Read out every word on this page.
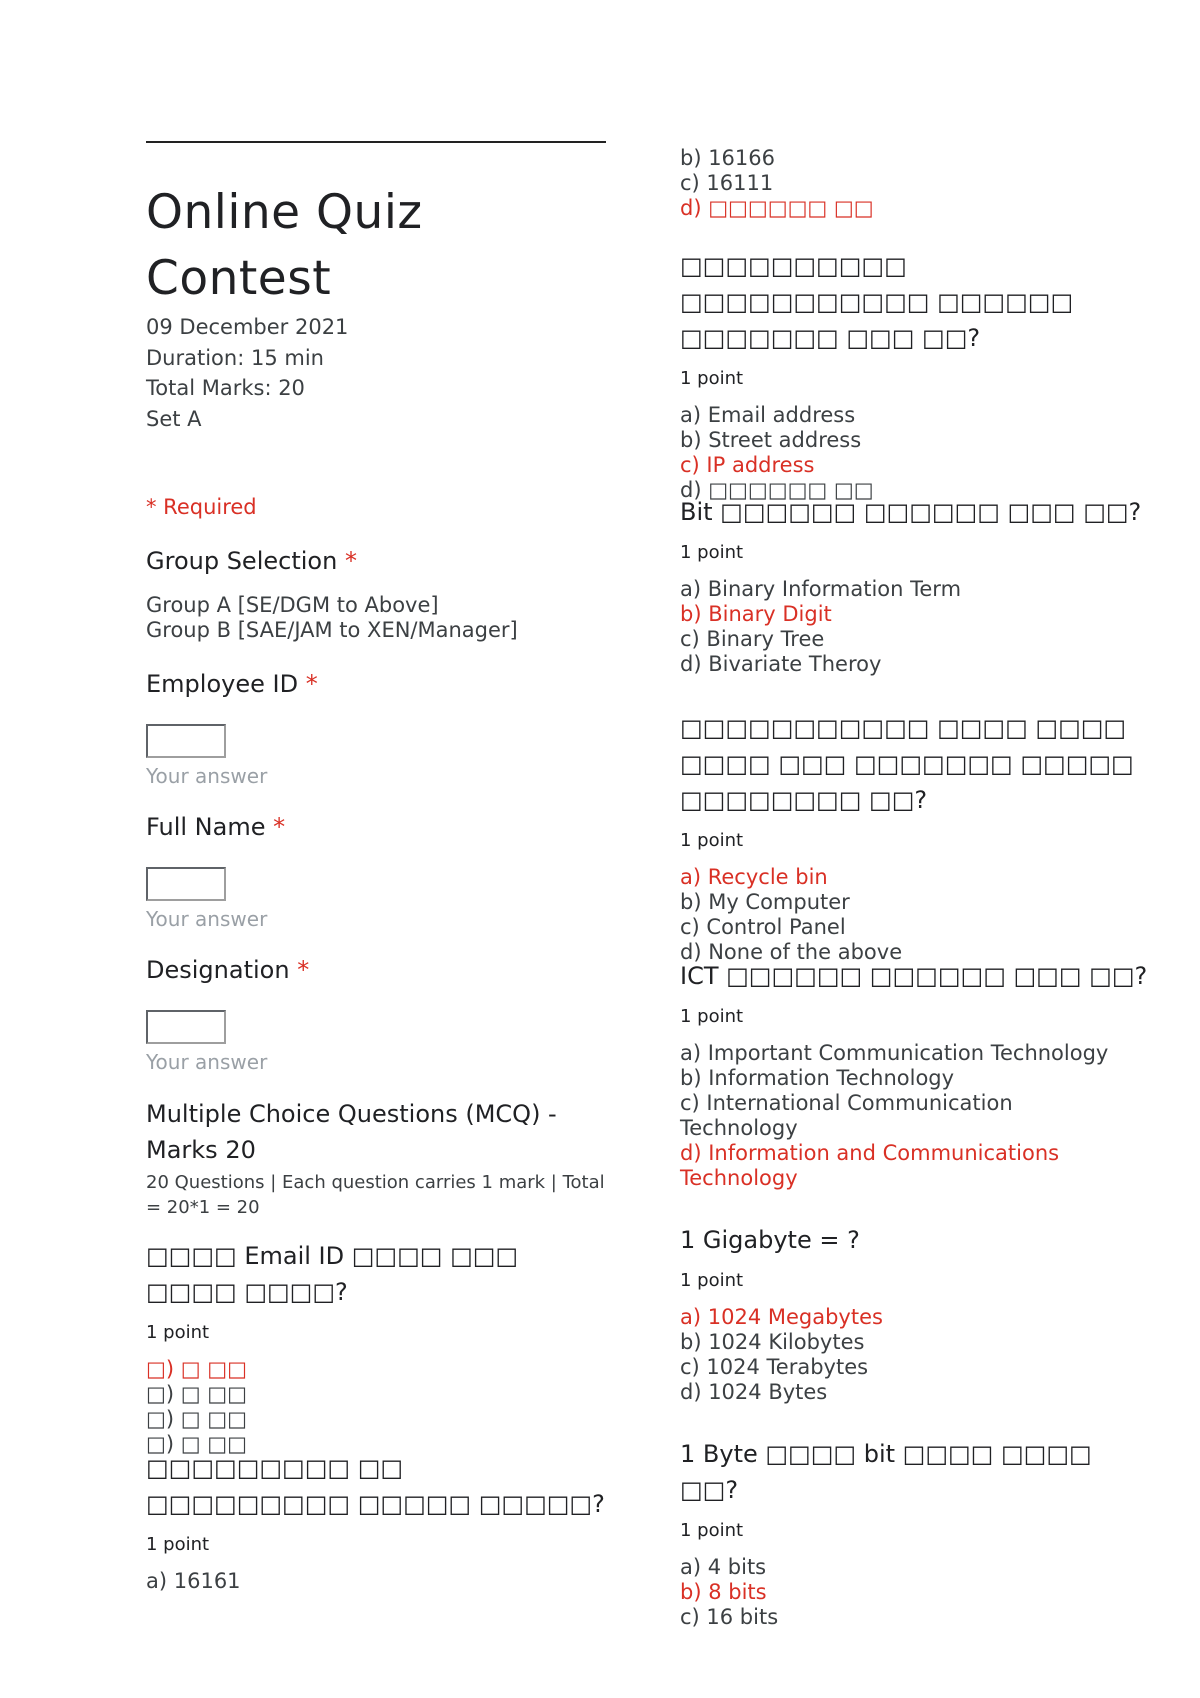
Online Quiz Contest
09 December 2021
Duration: 15 min
Total Marks: 20
Set A
* Required
Group Selection *
Group A [SE/DGM to Above]
Group B [SAE/JAM to XEN/Manager]
Employee ID *
Your answer
Full Name *
Your answer
Designation *
Your answer
Multiple Choice Questions (MCQ) - Marks 20
20 Questions | Each question carries 1 mark | Total = 20*1 = 20
□□□□ Email ID □□□□ □□□ □□□□ □□□□?
1 point
□) □ □□
□) □ □□
□) □ □□
□) □ □□
□□□□□□□□□ □□ □□□□□□□□□ □□□□□ □□□□□?
1 point
a) 16161
b) 16166
c) 16111
d) □□□□□□ □□
□□□□□□□□□□ □□□□□□□□□□□ □□□□□□ □□□□□□□ □□□ □□?
1 point
a) Email address
b) Street address
c) IP address
d) □□□□□□ □□
Bit □□□□□□ □□□□□□ □□□ □□?
1 point
a) Binary Information Term
b) Binary Digit
c) Binary Tree
d) Bivariate Theroy
□□□□□□□□□□□ □□□□ □□□□ □□□□ □□□ □□□□□□□ □□□□□ □□□□□□□□ □□?
1 point
a) Recycle bin
b) My Computer
c) Control Panel
d) None of the above
ICT □□□□□□ □□□□□□ □□□ □□?
1 point
a) Important Communication Technology
b) Information Technology
c) International Communication
Technology
d) Information and Communications
Technology
1 Gigabyte = ?
1 point
a) 1024 Megabytes
b) 1024 Kilobytes
c) 1024 Terabytes
d) 1024 Bytes
1 Byte □□□□ bit □□□□ □□□□ □□?
1 point
a) 4 bits
b) 8 bits
c) 16 bits
